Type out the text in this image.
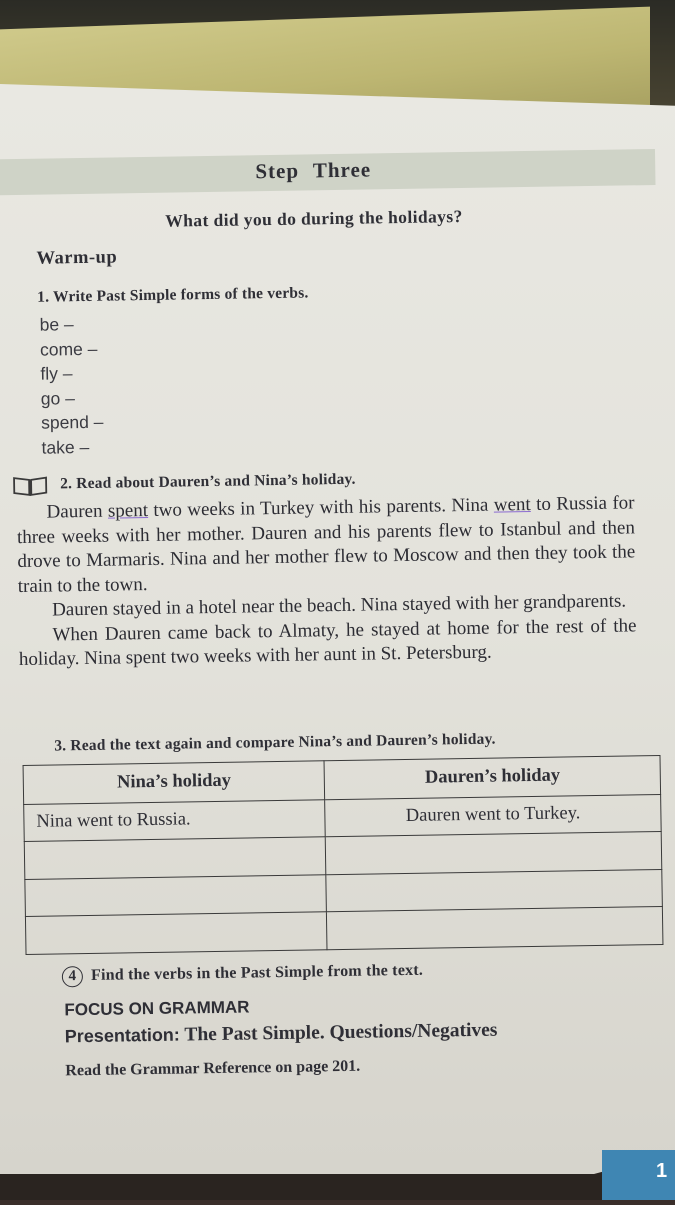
Step Three
What did you do during the holidays?
Warm-up
1. Write Past Simple forms of the verbs.
be –
come –
fly –
go –
spend –
take –
2. Read about Dauren’s and Nina’s holiday.

Dauren spent two weeks in Turkey with his parents. Nina went to Russia for three weeks with her mother. Dauren and his parents flew to Istanbul and then drove to Marmaris. Nina and her mother flew to Moscow and then they took the train to the town.

Dauren stayed in a hotel near the beach. Nina stayed with her grandparents.

When Dauren came back to Almaty, he stayed at home for the rest of the holiday. Nina spent two weeks with her aunt in St. Petersburg.

3. Read the text again and compare Nina’s and Dauren’s holiday.
Nina’s holiday	Dauren’s holiday
Nina went to Russia.	Dauren went to Turkey.

4 Find the verbs in the Past Simple from the text.
FOCUS ON GRAMMAR
Presentation: The Past Simple. Questions/Negatives
Read the Grammar Reference on page 201.
1
